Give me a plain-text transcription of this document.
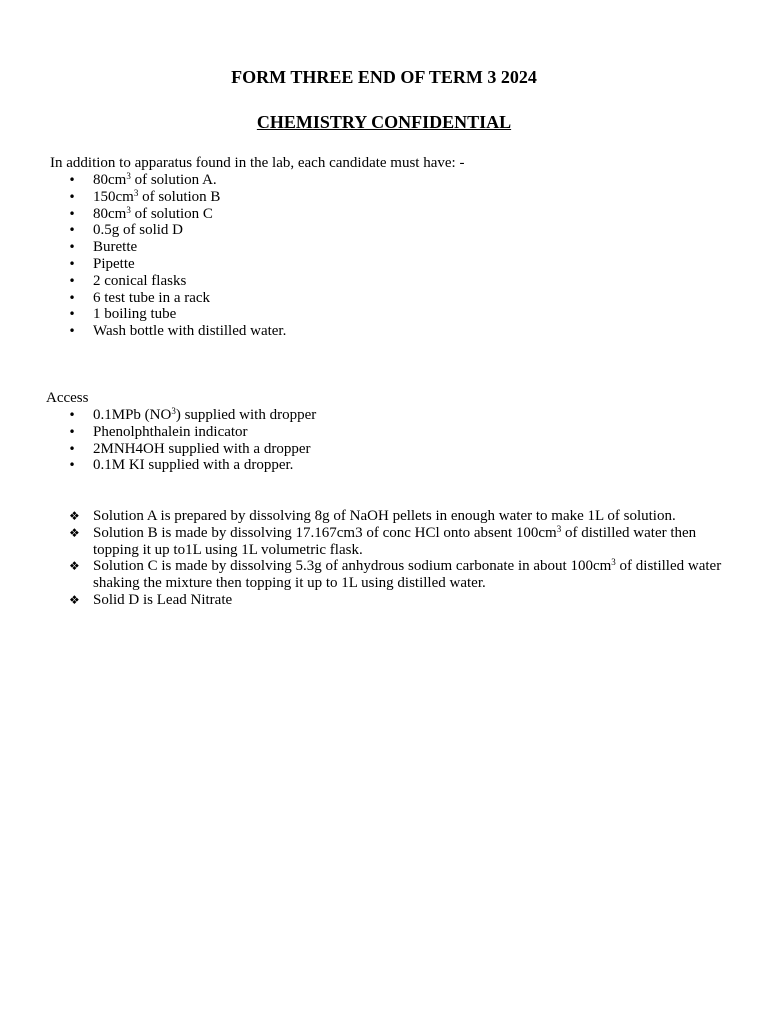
FORM THREE END OF TERM 3 2024
CHEMISTRY CONFIDENTIAL

In addition to apparatus found in the lab, each candidate must have: -

• $80cm^3$ of solution A.
• $150cm^3$ of solution B
• $80cm^3$ of solution C
• 0.5g of solid D
• Burette
• Pipette
• 2 conical flasks
• 6 test tube in a rack
• 1 boiling tube
• Wash bottle with distilled water.

Access

• 0.1MPb $(NO^3)$ supplied with dropper
• Phenolphthalein indicator
• 2MNH4OH supplied with a dropper
• 0.1M KI supplied with a dropper.
❖ Solution A is prepared by dissolving 8g of NaOH pellets in enough water to make 1L of solution.
❖ Solution B is made by dissolving 17.167cm3 of conc HCl onto absent $100cm^3$ of distilled water then topping it up to1L using 1L volumetric flask.
❖ Solution C is made by dissolving 5.3g of anhydrous sodium carbonate in about $100cm^3$ of distilled water shaking the mixture then topping it up to 1L using distilled water.
❖ Solid D is Lead Nitrate
